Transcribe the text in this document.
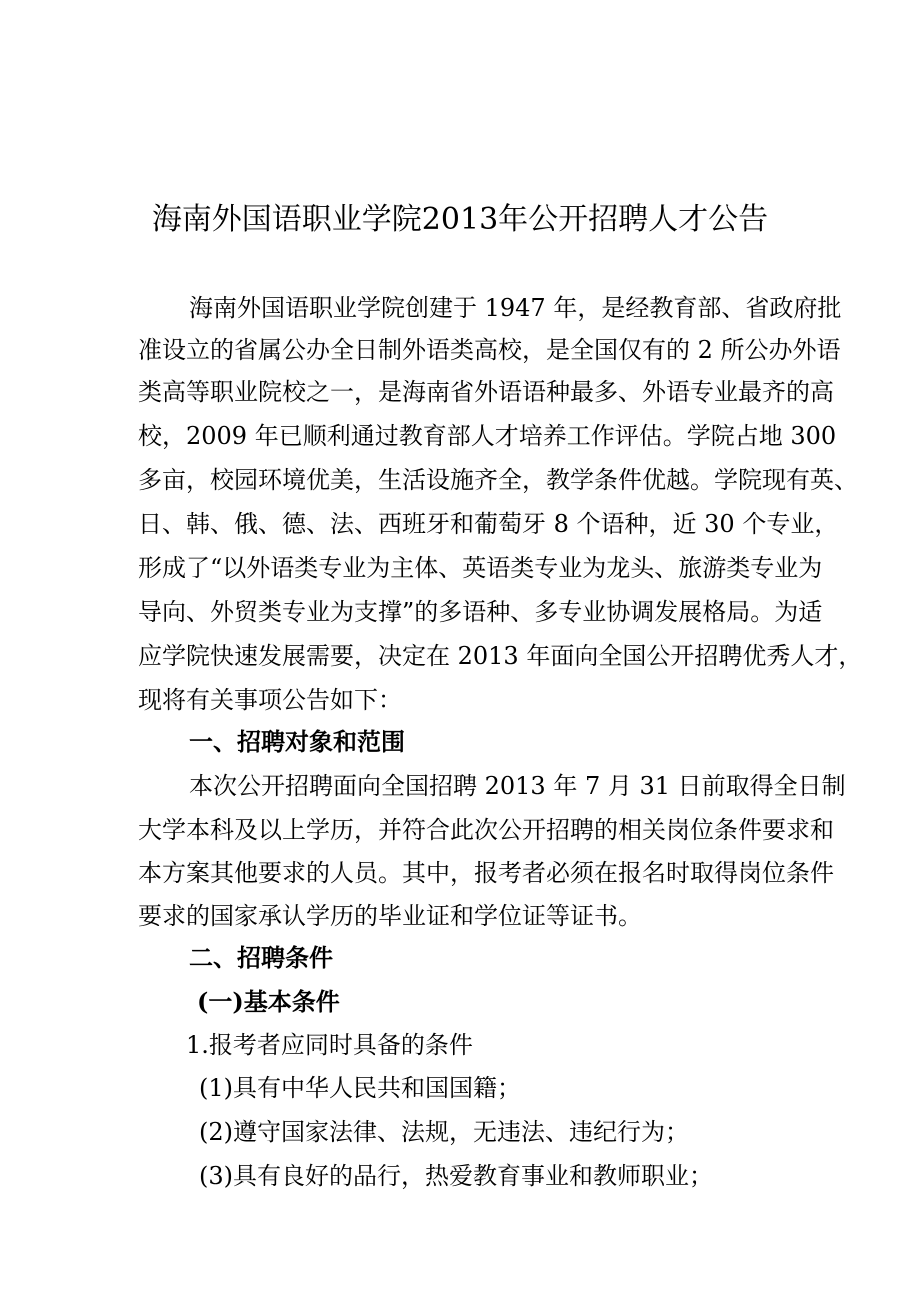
海南外国语职业学院2013年公开招聘人才公告
海南外国语职业学院创建于 1947 年，是经教育部、省政府批
准设立的省属公办全日制外语类高校，是全国仅有的 2 所公办外语
类高等职业院校之一，是海南省外语语种最多、外语专业最齐的高
校，2009 年已顺利通过教育部人才培养工作评估。学院占地 300
多亩，校园环境优美，生活设施齐全，教学条件优越。学院现有英、
日、韩、俄、德、法、西班牙和葡萄牙 8 个语种，近 30 个专业，
形成了“以外语类专业为主体、英语类专业为龙头、旅游类专业为
导向、外贸类专业为支撑”的多语种、多专业协调发展格局。为适
应学院快速发展需要，决定在 2013 年面向全国公开招聘优秀人才，
现将有关事项公告如下：
一、招聘对象和范围
本次公开招聘面向全国招聘 2013 年 7 月 31 日前取得全日制
大学本科及以上学历，并符合此次公开招聘的相关岗位条件要求和
本方案其他要求的人员。其中，报考者必须在报名时取得岗位条件
要求的国家承认学历的毕业证和学位证等证书。
二、招聘条件
(一)基本条件
1.报考者应同时具备的条件
(1)具有中华人民共和国国籍；
(2)遵守国家法律、法规，无违法、违纪行为；
(3)具有良好的品行，热爱教育事业和教师职业；
